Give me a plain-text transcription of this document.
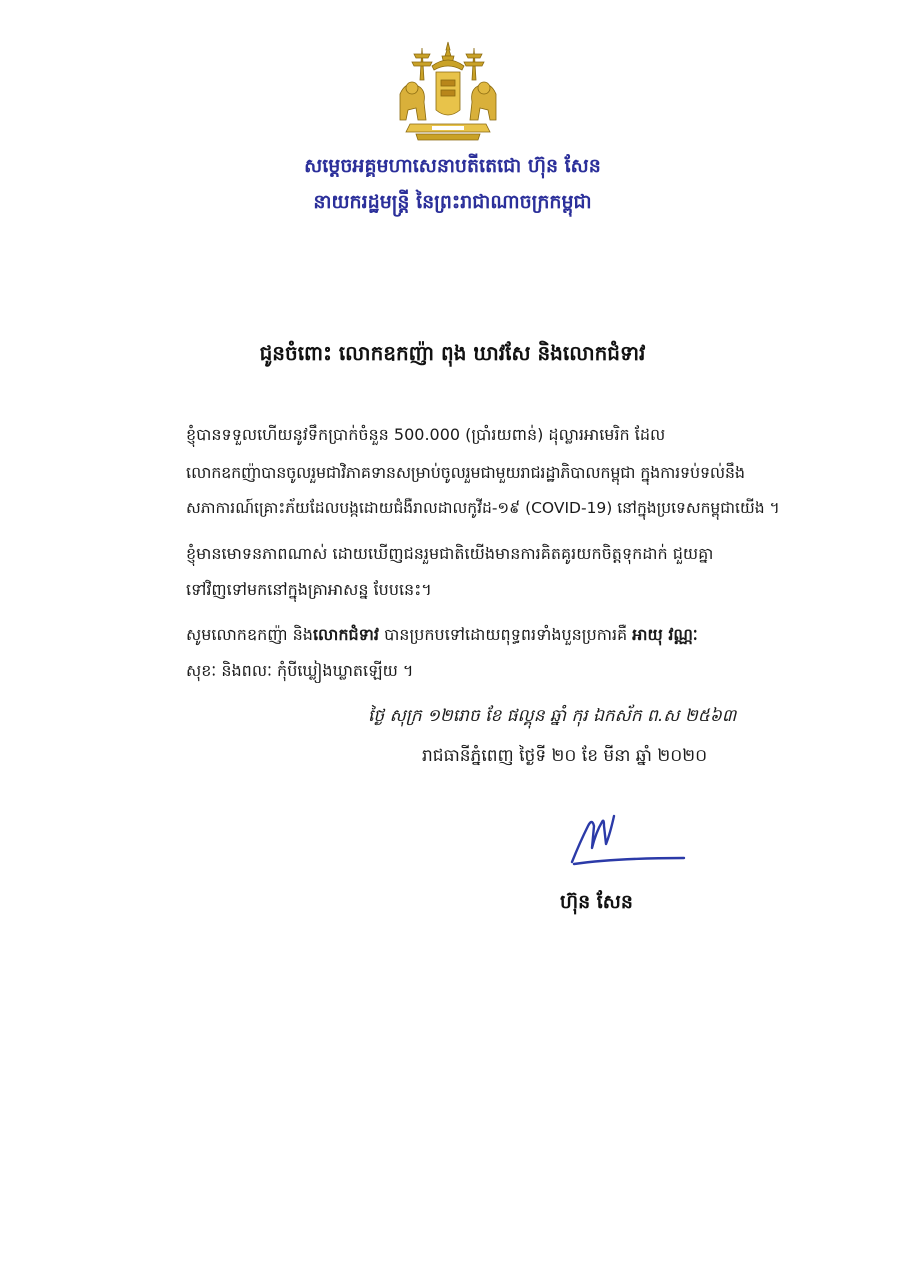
សម្តេចអគ្គមហាសេនាបតីតេជោ ហ៊ុន សែន
នាយករដ្ឋមន្ត្រី នៃព្រះរាជាណាចក្រកម្ពុជា
ជូនចំពោះ លោកឧកញ៉ា ពុង ឃាវសែ និងលោកជំទាវ
ខ្ញុំបានទទួលហើយនូវទឹកប្រាក់ចំនួន 500.000 (ប្រាំរយពាន់) ដុល្លារអាមេរិក ដែល
លោកឧកញ៉ាបានចូលរួមជាវិភាគទានសម្រាប់ចូលរួមជាមួយរាជរដ្ឋាភិបាលកម្ពុជា ក្នុងការទប់ទល់នឹង
សភាការណ៍គ្រោះភ័យដែលបង្កដោយជំងឺរាលដាលកូវីដ-១៩ (COVID-19) នៅក្នុងប្រទេសកម្ពុជាយើង ។
ខ្ញុំមានមោទនភាពណាស់ ដោយឃើញជនរួមជាតិយើងមានការគិតគូរយកចិត្តទុកដាក់ ជួយគ្នា
ទៅវិញទៅមកនៅក្នុងគ្រាអាសន្ន បែបនេះ។
សូមលោកឧកញ៉ា និងលោកជំទាវ បានប្រកបទៅដោយពុទ្ធពរទាំងបួនប្រការគឺ អាយុ វណ្ណៈ
សុខៈ និងពលៈ កុំបីឃ្លៀងឃ្លាតឡើយ ។
ថ្ងៃ សុក្រ ១២រោច ខែ ផល្គុន ឆ្នាំ កុរ ឯកស័ក ព.ស ២៥៦៣
រាជធានីភ្នំពេញ ថ្ងៃទី ២០ ខែ មីនា ឆ្នាំ ២០២០
ហ៊ុន សែន
